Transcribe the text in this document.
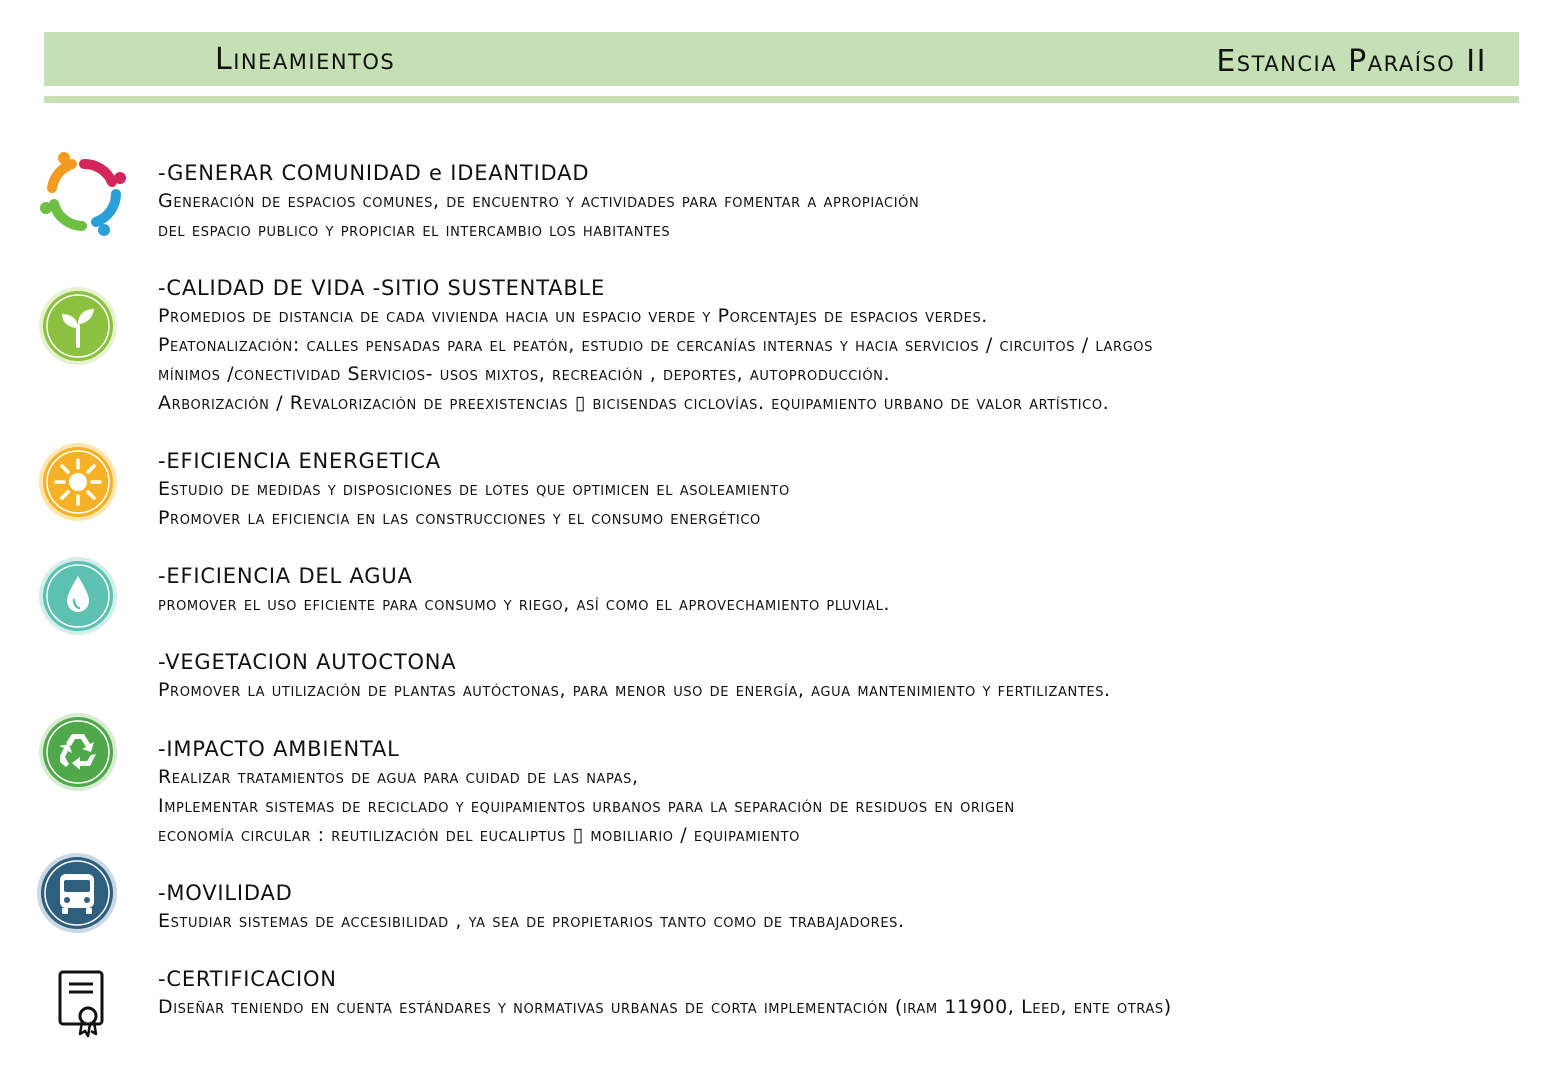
Lineamientos	Estancia Paraíso II
-GENERAR COMUNIDAD e IDEANTIDAD
Generación de espacios comunes, de encuentro y actividades para fomentar a apropiación
del espacio publico y propiciar el intercambio los habitantes
-CALIDAD DE VIDA -SITIO SUSTENTABLE
Promedios de distancia de cada vivienda hacia un espacio verde y Porcentajes de espacios verdes.
Peatonalización: calles pensadas para el peatón, estudio de cercanías internas y hacia servicios / circuitos / largos
mínimos /conectividad Servicios- usos mixtos, recreación , deportes, autoproducción.
Arborización / Revalorización de preexistencias ▯ bicisendas ciclovías. equipamiento urbano de valor artístico.
-EFICIENCIA ENERGETICA
Estudio de medidas y disposiciones de lotes que optimicen el asoleamiento
Promover la eficiencia en las construcciones y el consumo energético
-EFICIENCIA DEL AGUA
promover el uso eficiente para consumo y riego, así como el aprovechamiento pluvial.
-VEGETACION AUTOCTONA
Promover la utilización de plantas autóctonas, para menor uso de energía, agua mantenimiento y fertilizantes.
-IMPACTO AMBIENTAL
Realizar tratamientos de agua para cuidad de las napas,
Implementar sistemas de reciclado y equipamientos urbanos para la separación de residuos en origen
economía circular : reutilización del eucaliptus ▯ mobiliario / equipamiento
-MOVILIDAD
Estudiar sistemas de accesibilidad , ya sea de propietarios tanto como de trabajadores.
-CERTIFICACION
Diseñar teniendo en cuenta estándares y normativas urbanas de corta implementación (iram 11900, Leed, ente otras)
